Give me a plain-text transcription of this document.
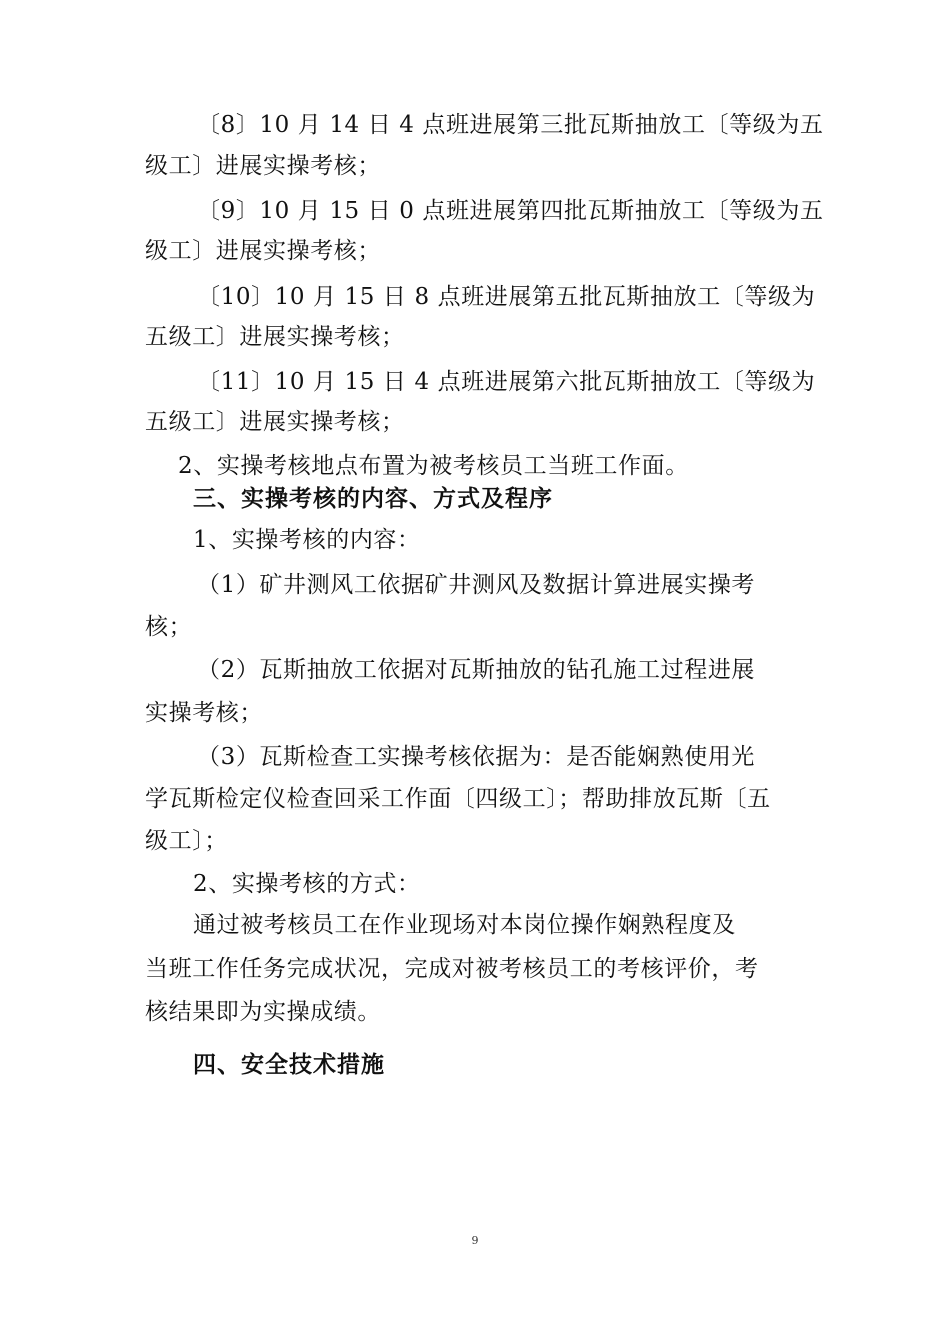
〔8〕10 月 14 日 4 点班进展第三批瓦斯抽放工〔等级为五
级工〕进展实操考核；
〔9〕10 月 15 日 0 点班进展第四批瓦斯抽放工〔等级为五
级工〕进展实操考核；
〔10〕10 月 15 日 8 点班进展第五批瓦斯抽放工〔等级为
五级工〕进展实操考核；
〔11〕10 月 15 日 4 点班进展第六批瓦斯抽放工〔等级为
五级工〕进展实操考核；
2、实操考核地点布置为被考核员工当班工作面。
三、实操考核的内容、方式及程序
1、实操考核的内容：
（1）矿井测风工依据矿井测风及数据计算进展实操考
核；
（2）瓦斯抽放工依据对瓦斯抽放的钻孔施工过程进展
实操考核；
（3）瓦斯检查工实操考核依据为：是否能娴熟使用光
学瓦斯检定仪检查回采工作面〔四级工〕；帮助排放瓦斯〔五
级工〕；
2、实操考核的方式：
通过被考核员工在作业现场对本岗位操作娴熟程度及
当班工作任务完成状况，完成对被考核员工的考核评价，考
核结果即为实操成绩。
四、安全技术措施
9
